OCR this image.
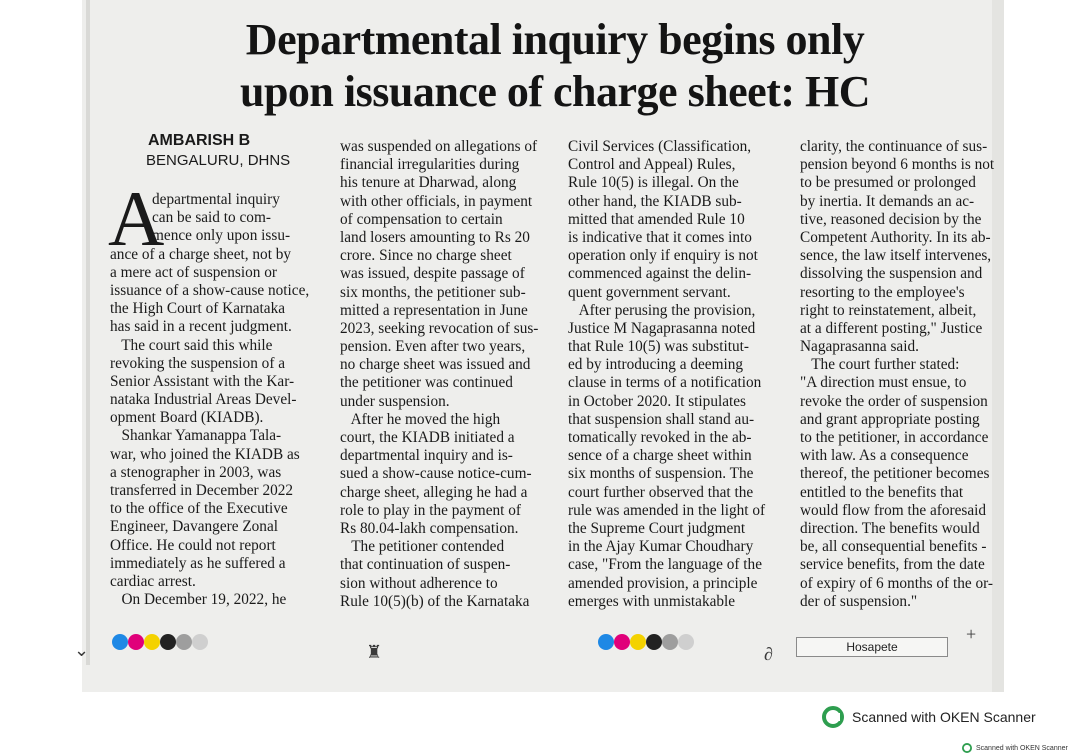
Departmental inquiry begins only
upon issuance of charge sheet: HC
AMBARISH B
BENGALURU, DHNS
A
departmental inquiry
can be said to com-
mence only upon issu-
ance of a charge sheet, not by
a mere act of suspension or
issuance of a show-cause notice,
the High Court of Karnataka
has said in a recent judgment.
The court said this while
revoking the suspension of a
Senior Assistant with the Kar-
nataka Industrial Areas Devel-
opment Board (KIADB).
Shankar Yamanappa Tala-
war, who joined the KIADB as
a stenographer in 2003, was
transferred in December 2022
to the office of the Executive
Engineer, Davangere Zonal
Office. He could not report
immediately as he suffered a
cardiac arrest.
On December 19, 2022, he
was suspended on allegations of
financial irregularities during
his tenure at Dharwad, along
with other officials, in payment
of compensation to certain
land losers amounting to Rs 20
crore. Since no charge sheet
was issued, despite passage of
six months, the petitioner sub-
mitted a representation in June
2023, seeking revocation of sus-
pension. Even after two years,
no charge sheet was issued and
the petitioner was continued
under suspension.
After he moved the high
court, the KIADB initiated a
departmental inquiry and is-
sued a show-cause notice-cum-
charge sheet, alleging he had a
role to play in the payment of
Rs 80.04-lakh compensation.
The petitioner contended
that continuation of suspen-
sion without adherence to
Rule 10(5)(b) of the Karnataka
Civil Services (Classification,
Control and Appeal) Rules,
Rule 10(5) is illegal. On the
other hand, the KIADB sub-
mitted that amended Rule 10
is indicative that it comes into
operation only if enquiry is not
commenced against the delin-
quent government servant.
After perusing the provision,
Justice M Nagaprasanna noted
that Rule 10(5) was substitut-
ed by introducing a deeming
clause in terms of a notification
in October 2020. It stipulates
that suspension shall stand au-
tomatically revoked in the ab-
sence of a charge sheet within
six months of suspension. The
court further observed that the
rule was amended in the light of
the Supreme Court judgment
in the Ajay Kumar Choudhary
case, "From the language of the
amended provision, a principle
emerges with unmistakable
clarity, the continuance of sus-
pension beyond 6 months is not
to be presumed or prolonged
by inertia. It demands an ac-
tive, reasoned decision by the
Competent Authority. In its ab-
sence, the law itself intervenes,
dissolving the suspension and
resorting to the employee's
right to reinstatement, albeit,
at a different posting," Justice
Nagaprasanna said.
The court further stated:
"A direction must ensue, to
revoke the order of suspension
and grant appropriate posting
to the petitioner, in accordance
with law. As a consequence
thereof, the petitioner becomes
entitled to the benefits that
would flow from the aforesaid
direction. The benefits would
be, all consequential benefits -
service benefits, from the date
of expiry of 6 months of the or-
der of suspension."
⌄	♜	∂
+
Hosapete
Scanned with OKEN Scanner
Scanned with OKEN Scanner
